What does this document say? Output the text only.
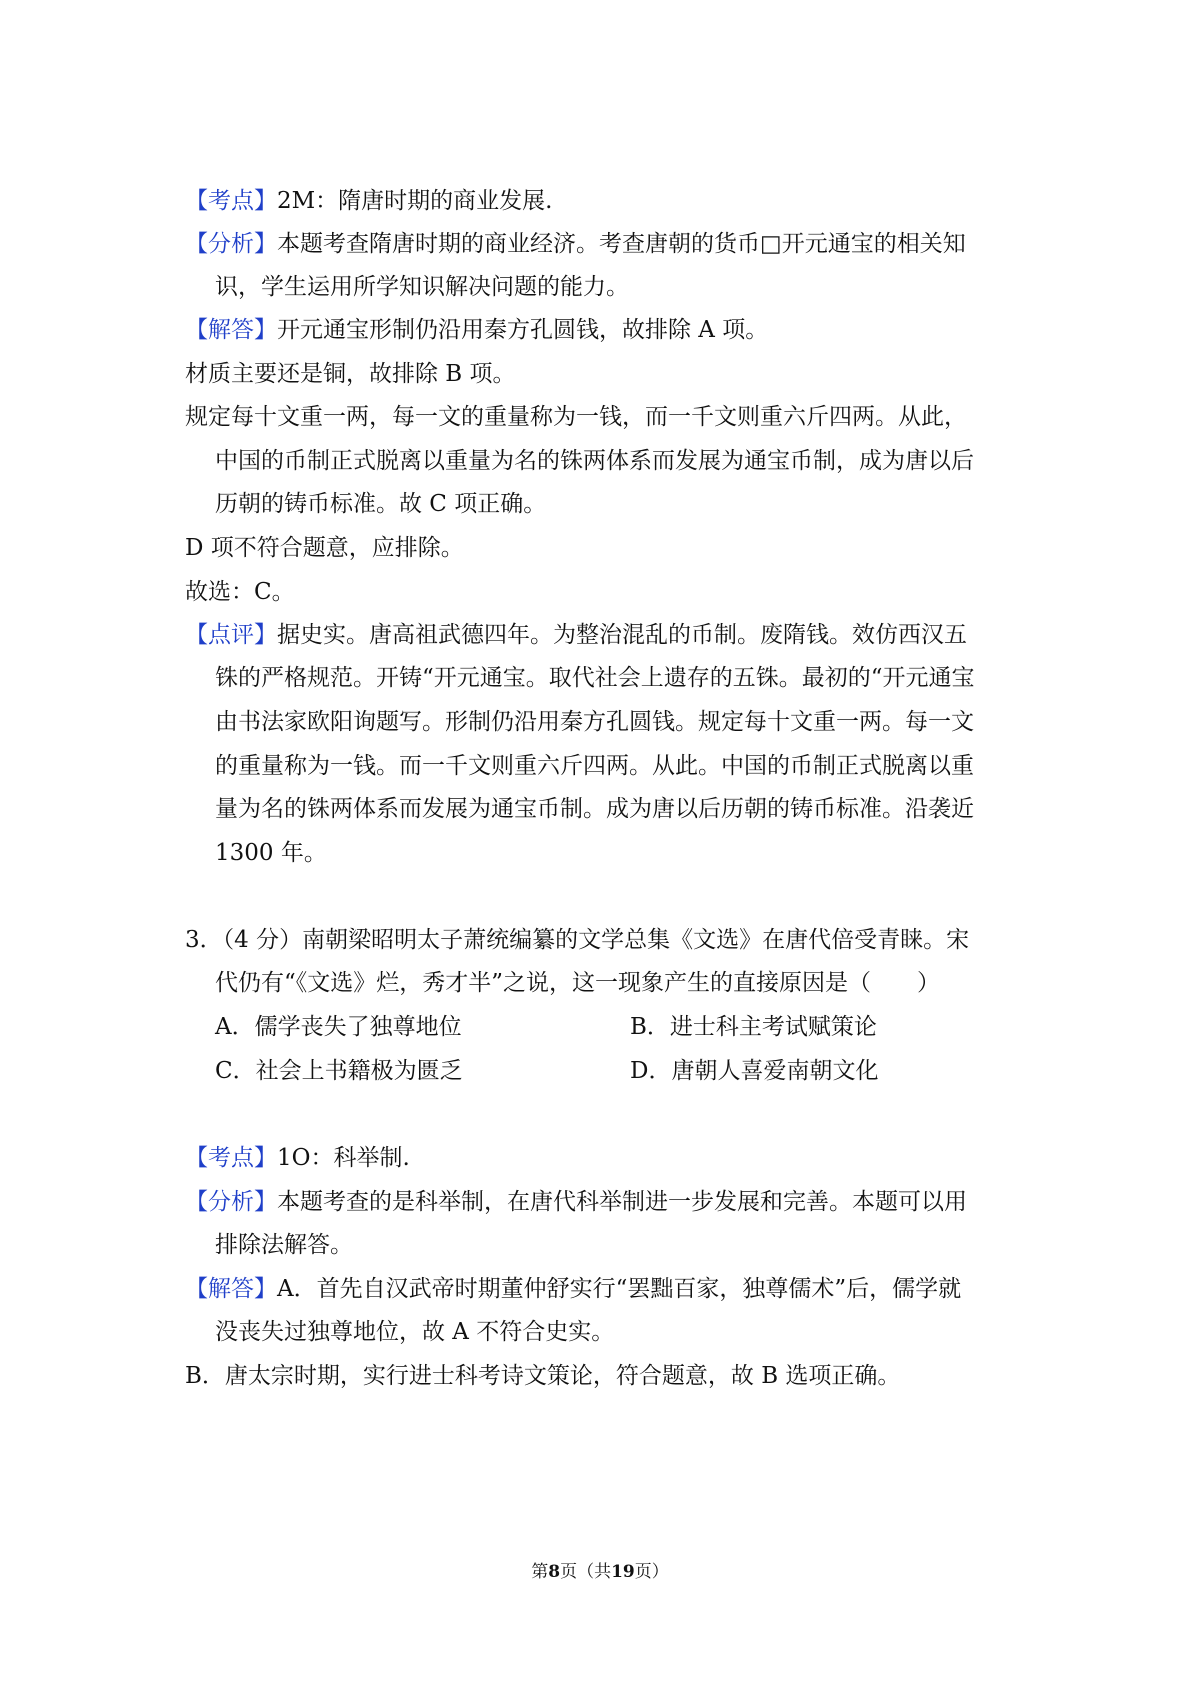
【考点】2M：隋唐时期的商业发展.
【分析】本题考查隋唐时期的商业经济。考查唐朝的货币□开元通宝的相关知
识，学生运用所学知识解决问题的能力。
【解答】开元通宝形制仍沿用秦方孔圆钱，故排除 A 项。
材质主要还是铜，故排除 B 项。
规定每十文重一两，每一文的重量称为一钱，而一千文则重六斤四两。从此，
中国的币制正式脱离以重量为名的铢两体系而发展为通宝币制，成为唐以后
历朝的铸币标准。故 C 项正确。
D 项不符合题意，应排除。
故选：C。
【点评】据史实。唐高祖武德四年。为整治混乱的币制。废隋钱。效仿西汉五
铢的严格规范。开铸“开元通宝。取代社会上遗存的五铢。最初的“开元通宝
由书法家欧阳询题写。形制仍沿用秦方孔圆钱。规定每十文重一两。每一文
的重量称为一钱。而一千文则重六斤四两。从此。中国的币制正式脱离以重
量为名的铢两体系而发展为通宝币制。成为唐以后历朝的铸币标准。沿袭近
1300 年。
3．（4 分）南朝梁昭明太子萧统编纂的文学总集《文选》在唐代倍受青睐。宋
代仍有“《文选》烂，秀才半”之说，这一现象产生的直接原因是（　　）
A．儒学丧失了独尊地位	B．进士科主考试赋策论
C．社会上书籍极为匮乏	D．唐朝人喜爱南朝文化
【考点】1O：科举制.
【分析】本题考查的是科举制，在唐代科举制进一步发展和完善。本题可以用
排除法解答。
【解答】A．首先自汉武帝时期董仲舒实行“罢黜百家，独尊儒术”后，儒学就
没丧失过独尊地位，故 A 不符合史实。
B．唐太宗时期，实行进士科考诗文策论，符合题意，故 B 选项正确。
第8页（共19页）
